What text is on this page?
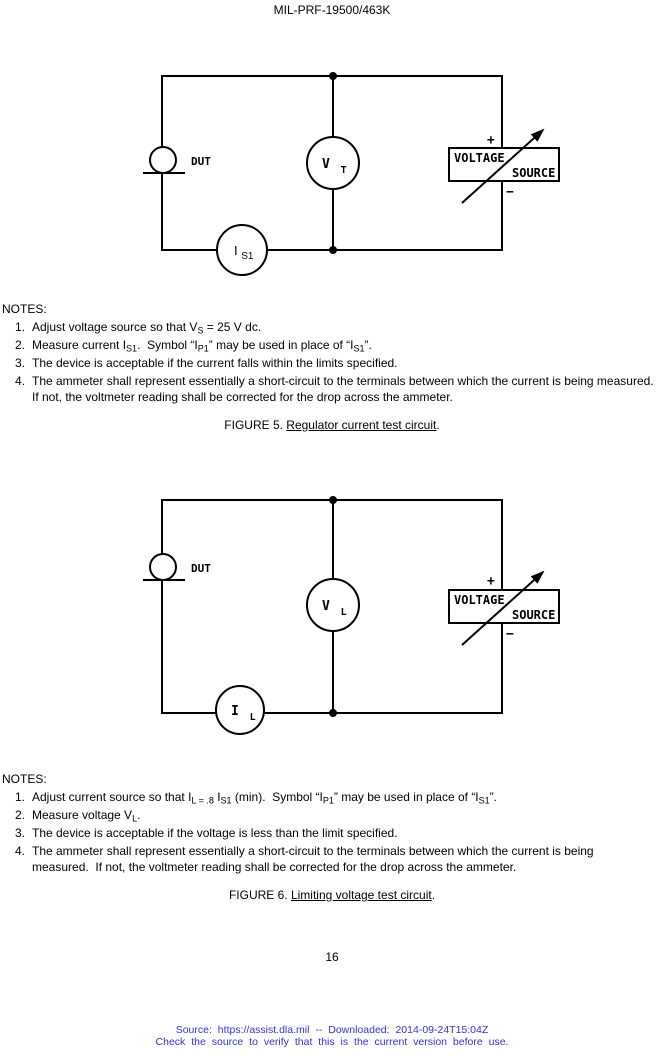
MIL-PRF-19500/463K
DUT	V $_T$
I $_{S1}$
+
VOLTAGE
SOURCE
−
NOTES:
1. Adjust voltage source so that $V_S = 25$ V dc.
2. Measure current $I_{S1}$.  Symbol “$I_{P1}$” may be used in place of “$I_{S1}$”.
3. The device is acceptable if the current falls within the limits specified.
4. The ammeter shall represent essentially a short-circuit to the terminals between which the current is being measured.  If not, the voltmeter reading shall be corrected for the drop across the ammeter.
FIGURE 5. Regulator current test circuit.
DUT
V $_L$
I $_L$
+
VOLTAGE
SOURCE
−
NOTES:
1. Adjust current source so that $I_{L = .8}$ $I_{S1}$ (min).  Symbol “$I_{P1}$” may be used in place of “$I_{S1}$”.
2. Measure voltage $V_L$.
3. The device is acceptable if the voltage is less than the limit specified.
4. The ammeter shall represent essentially a short-circuit to the terminals between which the current is being measured.  If not, the voltmeter reading shall be corrected for the drop across the ammeter.
FIGURE 6. Limiting voltage test circuit.
16
Source: https://assist.dla.mil -- Downloaded: 2014-09-24T15:04Z
Check the source to verify that this is the current version before use.
